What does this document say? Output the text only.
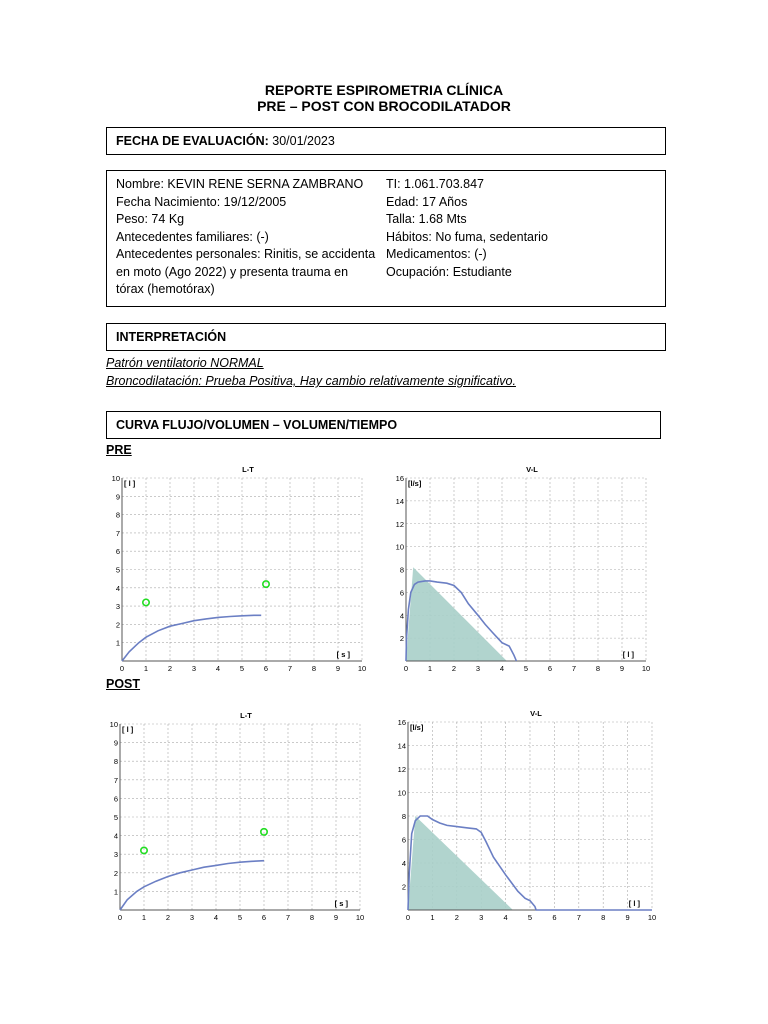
REPORTE ESPIROMETRIA CLÍNICA
PRE – POST CON BROCODILATADOR
FECHA DE EVALUACIÓN: 30/01/2023
Nombre: KEVIN RENE SERNA ZAMBRANO
Fecha Nacimiento: 19/12/2005
Peso: 74 Kg
Antecedentes familiares: (-)
Antecedentes personales: Rinitis, se accidenta
en moto (Ago 2022) y presenta trauma en
tórax (hemotórax)
TI: 1.061.703.847
Edad: 17 Años
Talla: 1.68 Mts
Hábitos: No fuma, sedentario
Medicamentos: (-)
Ocupación: Estudiante
INTERPRETACIÓN
Patrón ventilatorio NORMAL
Broncodilatación: Prueba Positiva, Hay cambio relativamente significativo.
CURVA FLUJO/VOLUMEN – VOLUMEN/TIEMPO
PRE
POST
0	1	2	3	4	5	6	7	8	9 10
1
2
3
4
5
6
7
8
9
10
[ l ]
[ s ]
L-T
0	1	2	3	4	5	6	7	8	9 10
2
4
6
8
10
12
14
16
[l/s]
[ l ]
V-L
0	1	2	3	4	5	6	7	8	9 10
1
2
3
4
5
6
7
8
9
10
[ l ]
[ s ]
L-T
0	1	2	3	4	5	6	7	8	9 10
2
4
6
8
10
12
14
16
[l/s]
[ l ]
V-L
